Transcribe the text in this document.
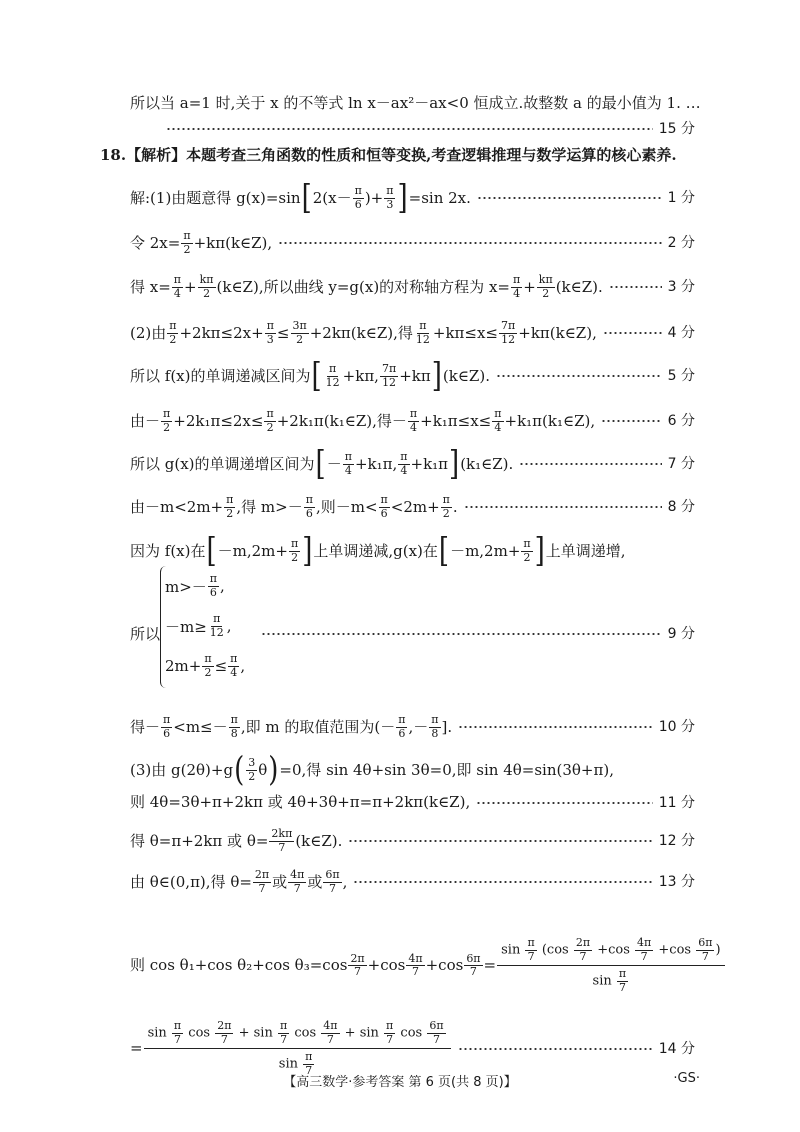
所以当 a=1 时,关于 x 的不等式 ln x－ax²－ax<0 恒成立.故整数 a 的最小值为 1. …
15 分
18.【解析】本题考查三角函数的性质和恒等变换,考查逻辑推理与数学运算的核心素养.
解:(1)由题意得 g(x)=sin [ $2(x- \frac{\pi}{6}$ )+ $\frac{\pi}{3}$ ] =sin 2x.	1 分
令 $2x= \frac{\pi}{2}$ +kπ(k∈Z),	2 分
得 $x= \frac{\pi}{4} + \frac{k\pi}{2}$ (k∈Z),所以曲线 y=g(x)的对称轴方程为 $x= \frac{\pi}{4} + \frac{k\pi}{2}$ (k∈Z).	3 分
(2)由 $\frac{\pi}{2} +2k\pi\le 2x+ \frac{\pi}{3} \le \frac{3\pi}{2}$ +2kπ(k∈Z),得 $\frac{\pi}{12} +k\pi\le x\le \frac{7\pi}{12}$ +kπ(k∈Z),	4 分
所以 f(x)的单调递减区间为 [ $\frac{\pi}{12} +k\pi$, $\frac{7\pi}{12} +k\pi$ ] (k∈Z).	5 分
由－ $\frac{\pi}{2} +2k_1\pi\le 2x\le \frac{\pi}{2}$ +2k₁π(k₁∈Z),得－ $\frac{\pi}{4} +k_1\pi\le x\le \frac{\pi}{4}$ +k₁π(k₁∈Z),	6 分
所以 g(x)的单调递增区间为 [ － $\frac{\pi}{4} +k_1\pi$, $\frac{\pi}{4} +k_1\pi$ ] (k₁∈Z).	7 分
由$-m<2m+ \frac{\pi}{2}$ ,得 $m>- \frac{\pi}{6}$ ,则$-m< \frac{\pi}{6} <2m+ \frac{\pi}{2}$ .	8 分
因为 f(x)在 [ $-m,2m+ \frac{\pi}{2}$ ] 上单调递减,g(x)在 [ $-m,2m+ \frac{\pi}{2}$ ] 上单调递增,
所以
$m>- \frac{\pi}{6}$ ,
$-m\ge \frac{\pi}{12}$ ,
$2m+ \frac{\pi}{2} \le \frac{\pi}{4}$ ,
9 分
得－ $\frac{\pi}{6} <m\le- \frac{\pi}{8}$ ,即 m 的取值范围为 (－ $\frac{\pi}{6}$ ,－ $\frac{\pi}{8}$ ].	10 分
(3)由 g(2θ)+g ( $\frac{3}{2}$ θ ) =0,得 sin 4θ+sin 3θ=0,即 sin 4θ=sin(3θ+π),
则 4θ=3θ+π+2kπ 或 4θ+3θ+π=π+2kπ(k∈Z),	11 分
得 θ=π+2kπ 或 $\theta= \frac{2k\pi}{7}$ (k∈Z).	12 分
由 θ∈(0,π),得 $\theta= \frac{2\pi}{7}$ 或 $\frac{4\pi}{7}$ 或 $\frac{6\pi}{7}$ ,	13 分
则 cos θ₁+cos θ₂+cos $\theta_3=\cos \frac{2\pi}{7} +\cos \frac{4\pi}{7} +\cos \frac{6\pi}{7}$ =
$\sin \frac{\pi}{7} (\cos \frac{2\pi}{7} +\cos \frac{4\pi}{7} +\cos \frac{6\pi}{7}$ )
$\sin \frac{\pi}{7}$
=
$\sin \frac{\pi}{7}$ $\cos \frac{2\pi}{7} + \sin \frac{\pi}{7}$ $\cos \frac{4\pi}{7} + \sin \frac{\pi}{7}$ $\cos \frac{6\pi}{7}$
$\sin \frac{\pi}{7}$
14 分
【高三数学·参考答案 第 6 页(共 8 页)】	·GS·
